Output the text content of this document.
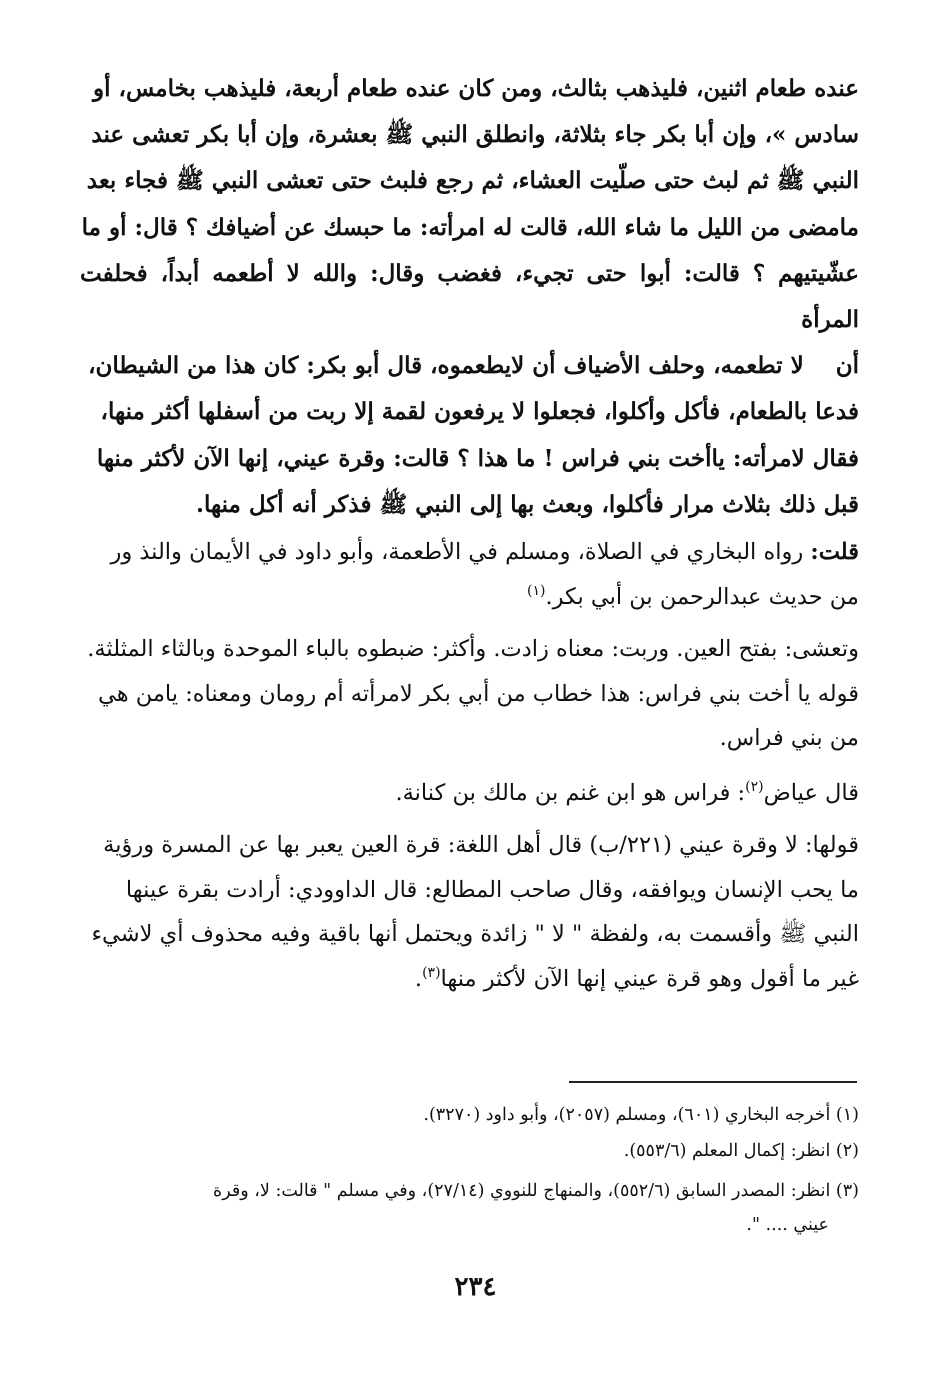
عنده طعام اثنين، فليذهب بثالث، ومن كان عنده طعام أربعة، فليذهب بخامس، أو
سادس »، وإن أبا بكر جاء بثلاثة، وانطلق النبي ﷺ بعشرة، وإن أبا بكر تعشى عند
النبي ﷺ ثم لبث حتى صلّيت العشاء، ثم رجع فلبث حتى تعشى النبي ﷺ فجاء بعد
مامضى من الليل ما شاء الله، قالت له امرأته: ما حبسك عن أضيافك ؟ قال: أو ما
عشّيتيهم ؟ قالت: أبوا حتى تجيء، فغضب وقال: والله لا أطعمه أبداً، فحلفت المرأة
أن    لا تطعمه، وحلف الأضياف أن لايطعموه، قال أبو بكر: كان هذا من الشيطان،
فدعا بالطعام، فأكل وأكلوا، فجعلوا لا يرفعون لقمة إلا ربت من أسفلها أكثر منها،
فقال لامرأته: ياأخت بني فراس ! ما هذا ؟ قالت: وقرة عيني، إنها الآن لأكثر منها
قبل ذلك بثلاث مرار فأكلوا، وبعث بها إلى النبي ﷺ فذكر أنه أكل منها.

قلت: رواه البخاري في الصلاة، ومسلم في الأطعمة، وأبو داود في الأيمان والنذ ور
من حديث عبدالرحمن بن أبي بكر.$^{(١)}$

وتعشى: بفتح العين. وربت: معناه زادت. وأكثر: ضبطوه بالباء الموحدة وبالثاء المثلثة.

قوله يا أخت بني فراس: هذا خطاب من أبي بكر لامرأته أم رومان ومعناه: يامن هي
من بني فراس.

قال عياض$^{(٢)}$: فراس هو ابن غنم بن مالك بن كنانة.

قولها: لا وقرة عيني (٢٢١/ب) قال أهل اللغة: قرة العين يعبر بها عن المسرة ورؤية
ما يحب الإنسان ويوافقه، وقال صاحب المطالع: قال الداوودي: أرادت بقرة عينها
النبي ﷺ وأقسمت به، ولفظة " لا " زائدة ويحتمل أنها باقية وفيه محذوف أي لاشيء
غير ما أقول وهو قرة عيني إنها الآن لأكثر منها$^{(٣)}$.

(١) أخرجه البخاري (٦٠١)، ومسلم (٢٠٥٧)، وأبو داود (٣٢٧٠).

(٢) انظر: إكمال المعلم (٥٥٣/٦).

(٣) انظر: المصدر السابق (٥٥٢/٦)، والمنهاج للنووي (٢٧/١٤)، وفي مسلم " قالت: لا، وقرة
عيني .... ".

٢٣٤
